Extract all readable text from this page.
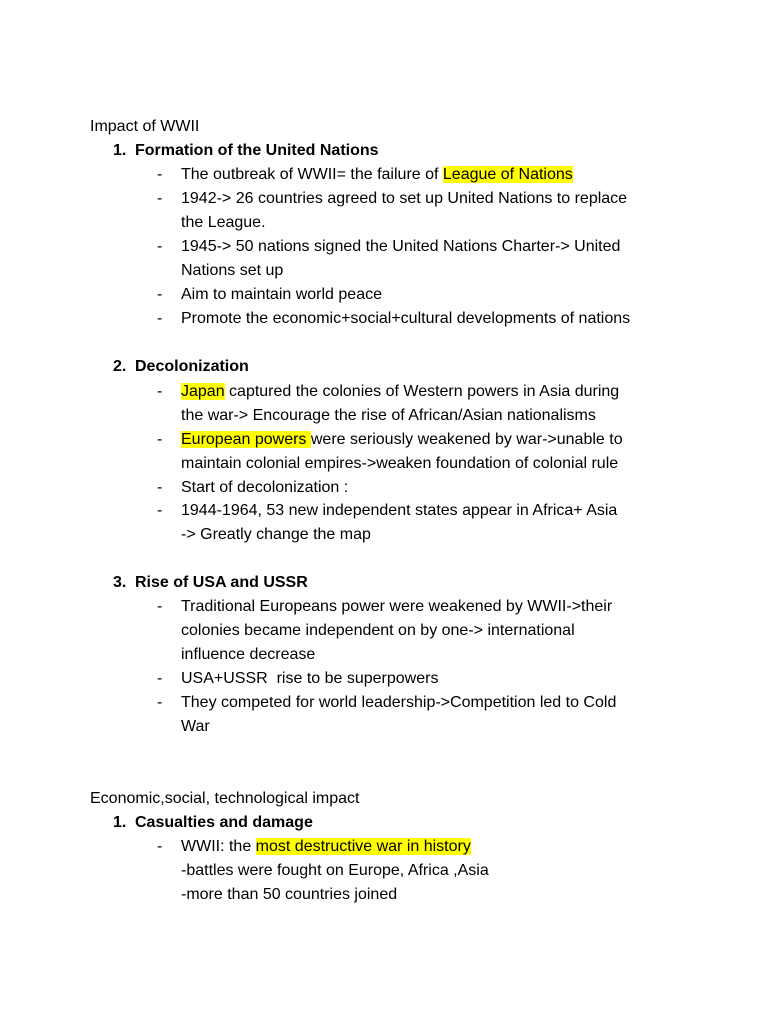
Impact of WWII
1. Formation of the United Nations
- The outbreak of WWII= the failure of League of Nations
- 1942-> 26 countries agreed to set up United Nations to replace
the League.
- 1945-> 50 nations signed the United Nations Charter-> United
Nations set up
- Aim to maintain world peace
- Promote the economic+social+cultural developments of nations
2. Decolonization
- Japan captured the colonies of Western powers in Asia during
the war-> Encourage the rise of African/Asian nationalisms
- European powers were seriously weakened by war->unable to
maintain colonial empires->weaken foundation of colonial rule
- Start of decolonization :
- 1944-1964, 53 new independent states appear in Africa+ Asia
-> Greatly change the map
3. Rise of USA and USSR
- Traditional Europeans power were weakened by WWII->their
colonies became independent on by one-> international
influence decrease
- USA+USSR  rise to be superpowers
- They competed for world leadership->Competition led to Cold
War
Economic,social, technological impact
1. Casualties and damage
- WWII: the most destructive war in history
-battles were fought on Europe, Africa ,Asia
-more than 50 countries joined
